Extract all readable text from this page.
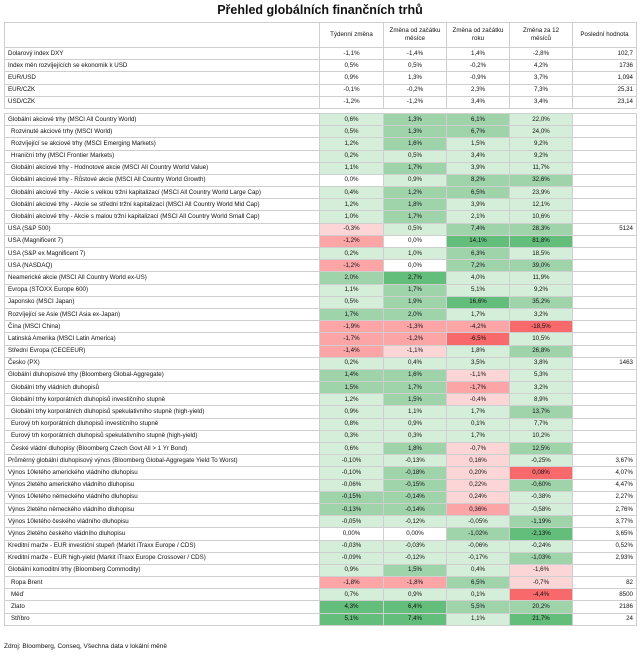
Přehled globálních finančních trhů
	Týdenní změna	Změna od začátku měsíce	Změna od začátku roku	Změna za 12 měsíců	Poslední hodnota
Dolarový index DXY	-1,1%	-1,4%	1,4%	-2,8%	102,7
Index měn rozvíjejících se ekonomik k USD	0,5%	0,5%	-0,2%	4,2%	1736
EUR/USD	0,9%	1,3%	-0,9%	3,7%	1,094
EUR/CZK	-0,1%	-0,2%	2,3%	7,3%	25,31
USD/CZK	-1,2%	-1,2%	3,4%	3,4%	23,14

Globální akciové trhy (MSCI All Country World)	0,6%	1,3%	6,1%	22,0%	
Rozvinuté akciové trhy (MSCI World)	0,5%	1,3%	6,7%	24,0%	
Rozvíjející se akciové trhy (MSCI Emerging Markets)	1,2%	1,6%	1,5%	9,2%	
Hraniční trhy (MSCI Frontier Markets)	0,2%	0,5%	3,4%	9,2%	
Globální akciové trhy - Hodnotové akcie (MSCI All Country World Value)	1,1%	1,7%	3,9%	11,7%	
Globální akciové trhy - Růstové akcie (MSCI All Country World Growth)	0,0%	0,9%	8,2%	32,6%	
Globální akciové trhy - Akcie s velkou tržní kapitalizací (MSCI All Country World Large Cap)	0,4%	1,2%	6,5%	23,9%	
Globální akciové trhy - Akcie se střední tržní kapitalizací (MSCI All Country World Mid Cap)	1,2%	1,8%	3,9%	12,1%	
Globální akciové trhy - Akcie s malou tržní kapitalizací (MSCI All Country World Small Cap)	1,0%	1,7%	2,1%	10,6%	
USA (S&P 500)	-0,3%	0,5%	7,4%	28,3%	5124
USA (Magnificent 7)	-1,2%	0,0%	14,1%	81,8%	
USA (S&P ex Magnificent 7)	0,2%	1,0%	6,3%	18,5%	
USA (NASDAQ)	-1,2%	0,0%	7,2%	39,0%	
Neamerické akcie (MSCI All Country World ex-US)	2,0%	2,7%	4,0%	11,9%	
Evropa (STOXX Europe 600)	1,1%	1,7%	5,1%	9,2%	
Japonsko (MSCI Japan)	0,5%	1,9%	16,6%	35,2%	
Rozvíjející se Asie (MSCI Asia ex-Japan)	1,7%	2,0%	1,7%	3,2%	
Čína (MSCI China)	-1,9%	-1,3%	-4,2%	-18,5%	
Latinská Amerika (MSCI Latin America)	-1,7%	-1,2%	-6,5%	10,5%	
Střední Evropa (CECEEUR)	-1,4%	-1,1%	1,8%	26,8%	
Česko (PX)	0,2%	0,4%	3,5%	3,8%	1463
Globální dluhopisové trhy (Bloomberg Global-Aggregate)	1,4%	1,6%	-1,1%	5,3%	
Globální trhy vládních dluhopisů	1,5%	1,7%	-1,7%	3,2%	
Globální trhy korporátních dluhopisů investičního stupně	1,2%	1,5%	-0,4%	8,9%	
Globální trhy korporátních dluhopisů spekulativního stupně (high-yield)	0,9%	1,1%	1,7%	13,7%	
Eurový trh korporátních dluhopisů investičního stupně	0,8%	0,9%	0,1%	7,7%	
Eurový trh korporátních dluhopisů spekulativního stupně (high-yield)	0,3%	0,3%	1,7%	10,2%	
České vládní dluhopisy (Bloomberg Czech Govt All > 1 Yr Bond)	0,6%	1,8%	-0,7%	12,5%	
Průměrný globální dluhopisový výnos (Bloomberg Global-Aggregate Yield To Worst)	-0,10%	-0,13%	0,16%	-0,25%	3,67%
Výnos 10letého amerického vládního dluhopisu	-0,10%	-0,18%	0,20%	0,08%	4,07%
Výnos 2letého amerického vládního dluhopisu	-0,06%	-0,15%	0,22%	-0,60%	4,47%
Výnos 10letého německého vládního dluhopisu	-0,15%	-0,14%	0,24%	-0,38%	2,27%
Výnos 2letého německého vládního dluhopisu	-0,13%	-0,14%	0,36%	-0,58%	2,76%
Výnos 10letého českého vládního dluhopisu	-0,05%	-0,12%	-0,05%	-1,19%	3,77%
Výnos 2letého českého vládního dluhopisu	0,00%	0,00%	-1,02%	-2,13%	3,65%
Kreditní marže - EUR investiční stupeň (Markit iTraxx Europe / CDS)	-0,03%	-0,03%	-0,06%	-0,24%	0,52%
Kreditní marže - EUR high-yield (Markit iTraxx Europe Crossover / CDS)	-0,09%	-0,12%	-0,17%	-1,03%	2,93%
Globální komoditní trhy (Bloomberg Commodity)	0,9%	1,5%	0,4%	-1,6%	
Ropa Brent	-1,8%	-1,8%	6,5%	-0,7%	82
Měď	0,7%	0,9%	0,1%	-4,4%	8500
Zlato	4,3%	6,4%	5,5%	20,2%	2186
Stříbro	5,1%	7,4%	1,1%	21,7%	24
Zdroj: Bloomberg, Conseq, Všechna data v lokální měně
